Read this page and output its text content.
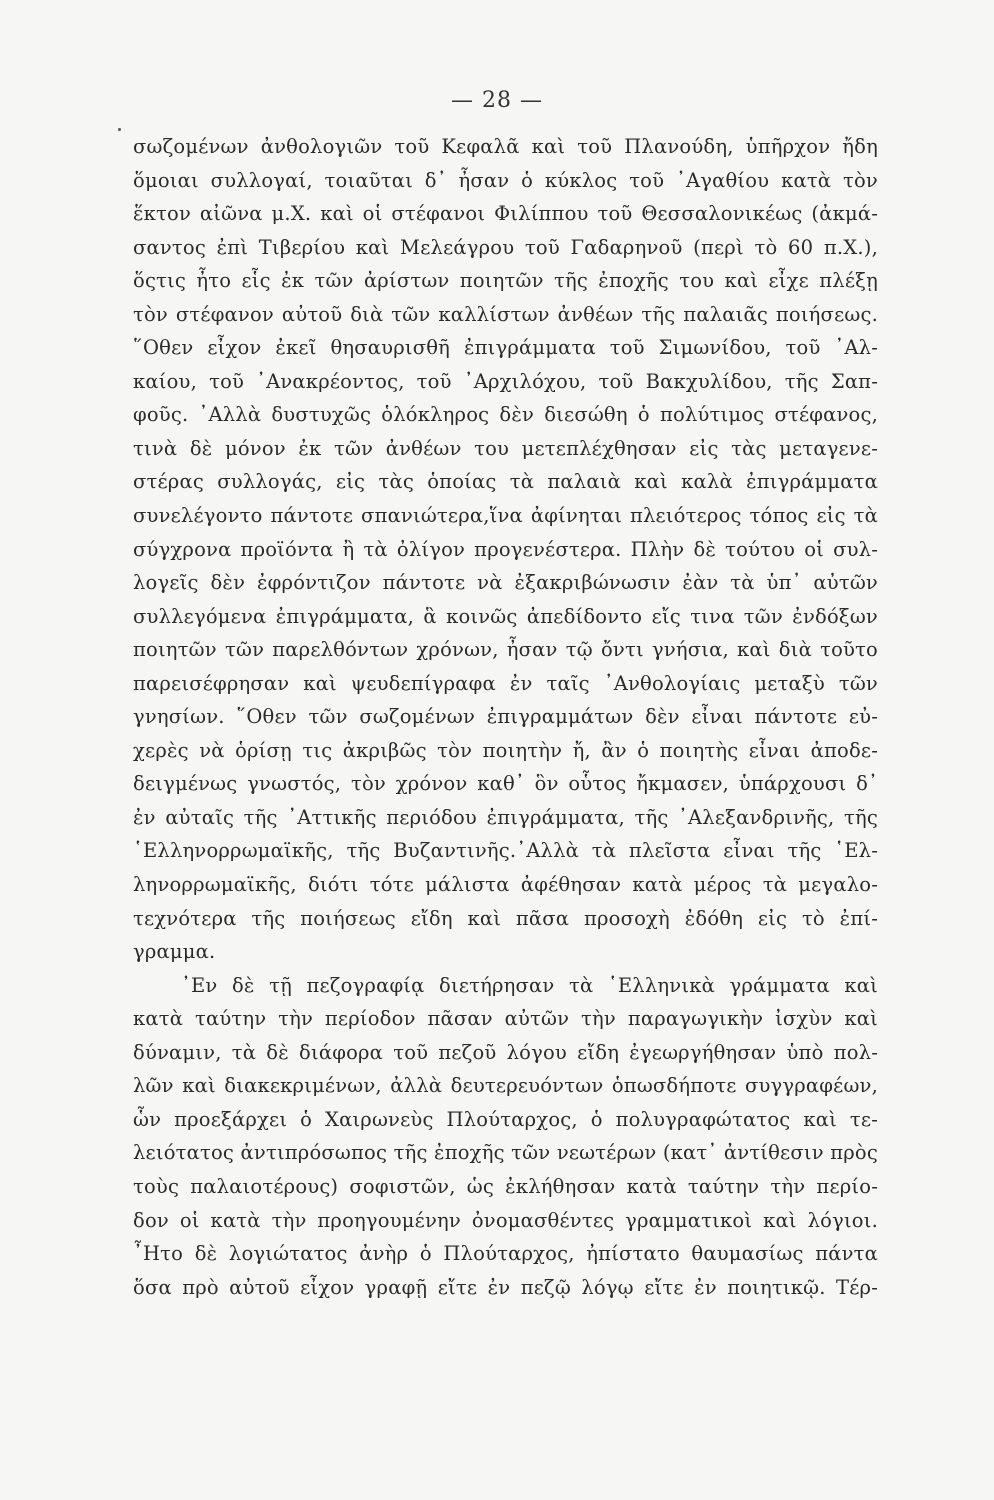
— 28 —
σωζομένων ἀνθολογιῶν τοῦ Κεφαλᾶ καὶ τοῦ Πλανούδη, ὑπῆρχον ἤδη
ὅμοιαι συλλογαί, τοιαῦται δ᾽ ἦσαν ὁ κύκλος τοῦ ᾽Αγαθίου κατὰ τὸν
ἕκτον αἰῶνα μ.Χ. καὶ οἱ στέφανοι Φιλίππου τοῦ Θεσσαλονικέως (ἀκμά-
σαντος ἐπὶ Τιβερίου καὶ Μελεάγρου τοῦ Γαδαρηνοῦ (περὶ τὸ 60 π.Χ.),
ὅςτις ἦτο εἷς ἐκ τῶν ἀρίστων ποιητῶν τῆς ἐποχῆς του καὶ εἶχε πλέξῃ
τὸν στέφανον αὐτοῦ διὰ τῶν καλλίστων ἀνθέων τῆς παλαιᾶς ποιήσεως.
῞Οθεν εἶχον ἐκεῖ θησαυρισθῆ ἐπιγράμματα τοῦ Σιμωνίδου, τοῦ ᾽Αλ-
καίου, τοῦ ᾽Ανακρέοντος, τοῦ ᾽Αρχιλόχου, τοῦ Βακχυλίδου, τῆς Σαπ-
φοῦς. ᾽Αλλὰ δυστυχῶς ὁλόκληρος δὲν διεσώθη ὁ πολύτιμος στέφανος,
τινὰ δὲ μόνον ἐκ τῶν ἀνθέων του μετεπλέχθησαν εἰς τὰς μεταγενε-
στέρας συλλογάς, εἰς τὰς ὁποίας τὰ παλαιὰ καὶ καλὰ ἐπιγράμματα
συνελέγοντο πάντοτε σπανιώτερα,ἵνα ἀφίνηται πλειότερος τόπος εἰς τὰ
σύγχρονα προϊόντα ἢ τὰ ὀλίγον προγενέστερα. Πλὴν δὲ τούτου οἱ συλ-
λογεῖς δὲν ἐφρόντιζον πάντοτε νὰ ἐξακριβώνωσιν ἐὰν τὰ ὑπ᾽ αὐτῶν
συλλεγόμενα ἐπιγράμματα, ἃ κοινῶς ἀπεδίδοντο εἴς τινα τῶν ἐνδόξων
ποιητῶν τῶν παρελθόντων χρόνων, ἦσαν τῷ ὄντι γνήσια, καὶ διὰ τοῦτο
παρεισέφρησαν καὶ ψευδεπίγραφα ἐν ταῖς ᾽Ανθολογίαις μεταξὺ τῶν
γνησίων. ῞Οθεν τῶν σωζομένων ἐπιγραμμάτων δὲν εἶναι πάντοτε εὐ-
χερὲς νὰ ὁρίσῃ τις ἀκριβῶς τὸν ποιητὴν ἤ, ἂν ὁ ποιητὴς εἶναι ἀποδε-
δειγμένως γνωστός, τὸν χρόνον καθ᾽ ὃν οὗτος ἤκμασεν, ὑπάρχουσι δ᾽
ἐν αὐταῖς τῆς ᾽Αττικῆς περιόδου ἐπιγράμματα, τῆς ᾽Αλεξανδρινῆς, τῆς
῾Ελληνορρωμαϊκῆς, τῆς Βυζαντινῆς.᾽Αλλὰ τὰ πλεῖστα εἶναι τῆς ῾Ελ-
ληνορρωμαϊκῆς, διότι τότε μάλιστα ἀφέθησαν κατὰ μέρος τὰ μεγαλο-
τεχνότερα τῆς ποιήσεως εἴδη καὶ πᾶσα προσοχὴ ἐδόθη εἰς τὸ ἐπί-
γραμμα.
᾽Εν δὲ τῇ πεζογραφίᾳ διετήρησαν τὰ ῾Ελληνικὰ γράμματα καὶ
κατὰ ταύτην τὴν περίοδον πᾶσαν αὐτῶν τὴν παραγωγικὴν ἰσχὺν καὶ
δύναμιν, τὰ δὲ διάφορα τοῦ πεζοῦ λόγου εἴδη ἐγεωργήθησαν ὑπὸ πολ-
λῶν καὶ διακεκριμένων, ἀλλὰ δευτερευόντων ὁπωσδήποτε συγγραφέων,
ὧν προεξάρχει ὁ Χαιρωνεὺς Πλούταρχος, ὁ πολυγραφώτατος καὶ τε-
λειότατος ἀντιπρόσωπος τῆς ἐποχῆς τῶν νεωτέρων (κατ᾽ ἀντίθεσιν πρὸς
τοὺς παλαιοτέρους) σοφιστῶν, ὡς ἐκλήθησαν κατὰ ταύτην τὴν περίο-
δον οἱ κατὰ τὴν προηγουμένην ὀνομασθέντες γραμματικοὶ καὶ λόγιοι.
῏Ητο δὲ λογιώτατος ἀνὴρ ὁ Πλούταρχος, ἠπίστατο θαυμασίως πάντα
ὅσα πρὸ αὐτοῦ εἶχον γραφῇ εἴτε ἐν πεζῷ λόγῳ εἴτε ἐν ποιητικῷ. Τέρ-
